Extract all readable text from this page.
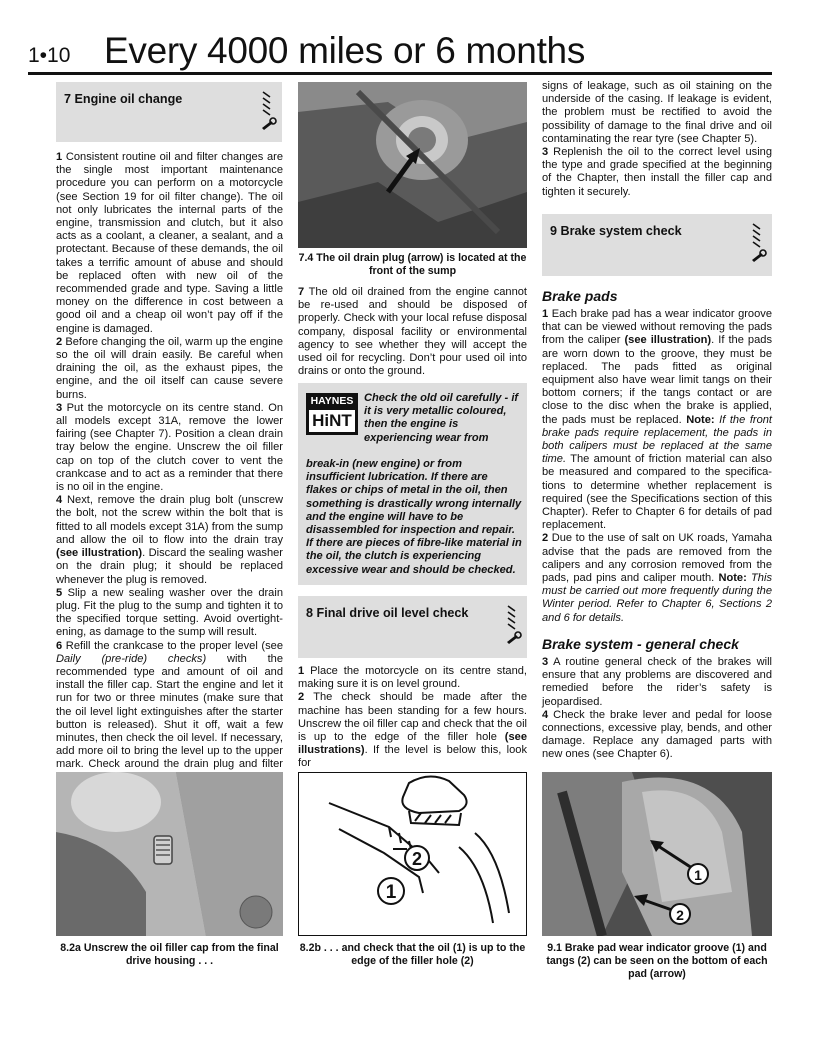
1•10 Every 4000 miles or 6 months
7 Engine oil change

1 Consistent routine oil and filter changes are the single most important maintenance procedure you can perform on a motorcycle (see Section 19 for oil filter change). The oil not only lubricates the internal parts of the engine, transmission and clutch, but it also acts as a coolant, a cleaner, a sealant, and a protectant. Because of these demands, the oil takes a terrific amount of abuse and should be replaced often with new oil of the recommended grade and type. Saving a little money on the difference in cost between a good oil and a cheap oil won’t pay off if the engine is damaged.

2 Before changing the oil, warm up the engine so the oil will drain easily. Be careful when draining the oil, as the exhaust pipes, the engine, and the oil itself can cause severe burns.

3 Put the motorcycle on its centre stand. On all models except 31A, remove the lower fairing (see Chapter 7). Position a clean drain tray below the engine. Unscrew the oil filler cap on top of the clutch cover to vent the crankcase and to act as a reminder that there is no oil in the engine.

4 Next, remove the drain plug bolt (unscrew the bolt, not the screw within the bolt that is fitted to all models except 31A) from the sump and allow the oil to flow into the drain tray (see illustration). Discard the sealing washer on the drain plug; it should be replaced whenever the plug is removed.

5 Slip a new sealing washer over the drain plug. Fit the plug to the sump and tighten it to the specified torque setting. Avoid overtight-ening, as damage to the sump will result.

6 Refill the crankcase to the proper level (see Daily (pre-ride) checks) with the recommended type and amount of oil and install the filler cap. Start the engine and let it run for two or three minutes (make sure that the oil level light extinguishes after the starter button is released). Shut it off, wait a few minutes, then check the oil level. If necessary, add more oil to bring the level up to the upper mark. Check around the drain plug and filter

7.4 The oil drain plug (arrow) is located at the front of the sump

7 The old oil drained from the engine cannot be re-used and should be disposed of properly. Check with your local refuse disposal company, disposal facility or environmental agency to see whether they will accept the used oil for recycling. Don’t pour used oil into drains or onto the ground.

HAYNES
HiNT
Check the old oil carefully - if it is very metallic coloured, then the engine is experiencing wear from
break-in (new engine) or from insufficient lubrication. If there are flakes or chips of metal in the oil, then something is drastically wrong internally and the engine will have to be disassembled for inspection and repair. If there are pieces of fibre-like material in the oil, the clutch is experiencing excessive wear and should be checked.
8 Final drive oil level check

1 Place the motorcycle on its centre stand, making sure it is on level ground.

2 The check should be made after the machine has been standing for a few hours. Unscrew the oil filler cap and check that the oil is up to the edge of the filler hole (see illustrations). If the level is below this, look for

signs of leakage, such as oil staining on the underside of the casing. If leakage is evident, the problem must be rectified to avoid the possibility of damage to the final drive and oil contaminating the rear tyre (see Chapter 5).

3 Replenish the oil to the correct level using the type and grade specified at the beginning of the Chapter, then install the filler cap and tighten it securely.

9 Brake system check
Brake pads

1 Each brake pad has a wear indicator groove that can be viewed without removing the pads from the caliper (see illustration). If the pads are worn down to the groove, they must be replaced. The pads fitted as original equipment also have wear limit tangs on their bottom corners; if the tangs contact or are close to the disc when the brake is applied, the pads must be replaced. Note: If the front brake pads require replacement, the pads in both calipers must be replaced at the same time. The amount of friction material can also be measured and compared to the specifica-tions to determine whether replacement is required (see the Specifications section of this Chapter). Refer to Chapter 6 for details of pad replacement.

2 Due to the use of salt on UK roads, Yamaha advise that the pads are removed from the calipers and any corrosion removed from the pads, pad pins and caliper mouth. Note: This must be carried out more frequently during the Winter period. Refer to Chapter 6, Sections 2 and 6 for details.

Brake system - general check

3 A routine general check of the brakes will ensure that any problems are discovered and remedied before the rider’s safety is jeopardised.

4 Check the brake lever and pedal for loose connections, excessive play, bends, and other damage. Replace any damaged parts with new ones (see Chapter 6).

8.2a Unscrew the oil filler cap from the final drive housing . . .
2
1
8.2b . . . and check that the oil (1) is up to the edge of the filler hole (2)
1
2
9.1 Brake pad wear indicator groove (1) and tangs (2) can be seen on the bottom of each pad (arrow)
